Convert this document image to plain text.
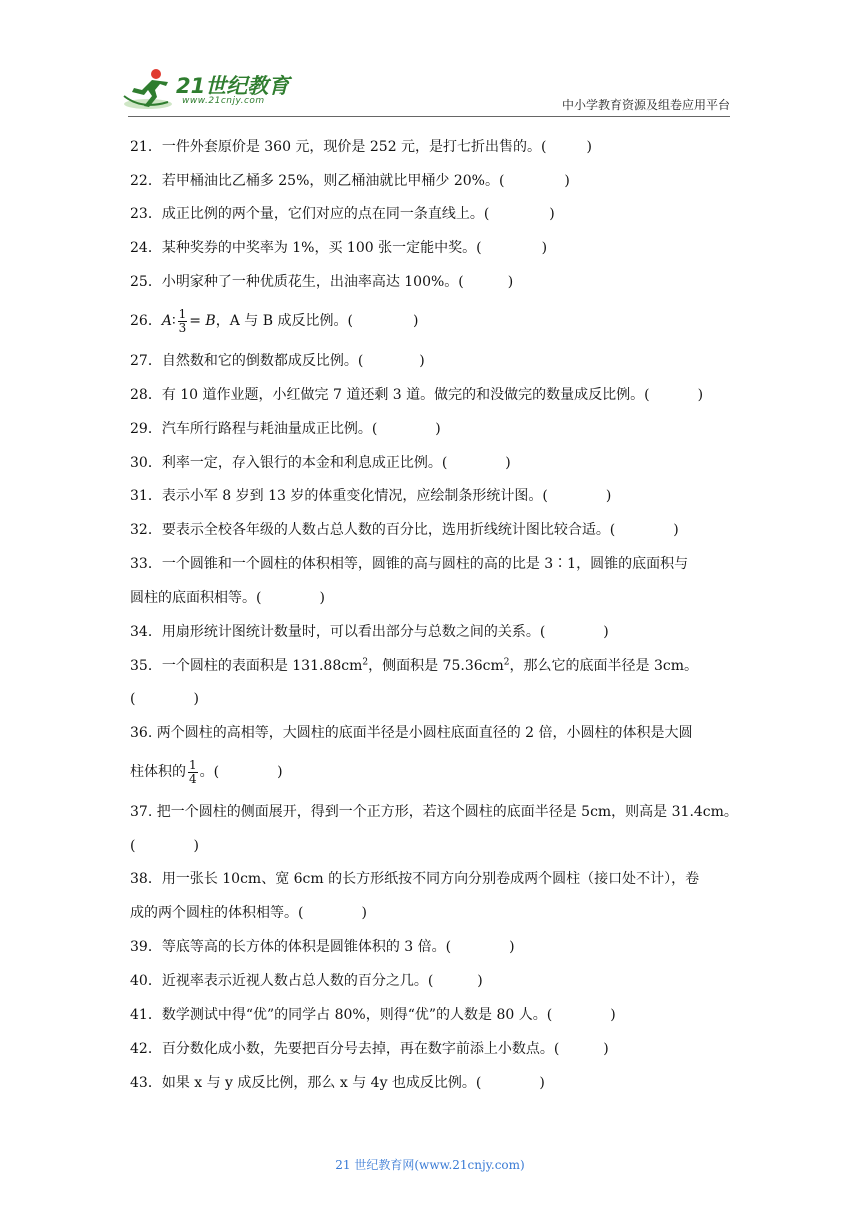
21世纪教育
www.21cnjy.com	中小学教育资源及组卷应用平台
21．一件外套原价是 360 元，现价是 252 元，是打七折出售的。(	)
22．若甲桶油比乙桶多 25%，则乙桶油就比甲桶少 20%。(	)
23．成正比例的两个量，它们对应的点在同一条直线上。(	)
24．某种奖券的中奖率为 1%，买 100 张一定能中奖。(	)
25．小明家种了一种优质花生，出油率高达 100%。(	)
26．A∶ $\frac{1}{3} = B$，A 与 B 成反比例。(	)
27．自然数和它的倒数都成反比例。(	)
28．有 10 道作业题，小红做完 7 道还剩 3 道。做完的和没做完的数量成反比例。(	)
29．汽车所行路程与耗油量成正比例。(	)
30．利率一定，存入银行的本金和利息成正比例。(	)
31．表示小军 8 岁到 13 岁的体重变化情况，应绘制条形统计图。(	)
32．要表示全校各年级的人数占总人数的百分比，选用折线统计图比较合适。(	)
33．一个圆锥和一个圆柱的体积相等，圆锥的高与圆柱的高的比是 3∶1，圆锥的底面积与
圆柱的底面积相等。(	)
34．用扇形统计图统计数量时，可以看出部分与总数之间的关系。(	)
35．一个圆柱的表面积是 $131.88cm^2$，侧面积是 $75.36cm^2$，那么它的底面半径是 3cm。
(	)
36. 两个圆柱的高相等，大圆柱的底面半径是小圆柱底面直径的 2 倍，小圆柱的体积是大圆
柱体积的 $\frac{1}{4}$ 。(	)
37. 把一个圆柱的侧面展开，得到一个正方形，若这个圆柱的底面半径是 5cm，则高是 31.4cm。
(	)
38．用一张长 10cm、宽 6cm 的长方形纸按不同方向分别卷成两个圆柱（接口处不计），卷
成的两个圆柱的体积相等。(	)
39．等底等高的长方体的体积是圆锥体积的 3 倍。(	)
40．近视率表示近视人数占总人数的百分之几。(	)
41．数学测试中得“优”的同学占 80%，则得“优”的人数是 80 人。(	)
42．百分数化成小数，先要把百分号去掉，再在数字前添上小数点。(	)
43．如果 x 与 y 成反比例，那么 x 与 4y 也成反比例。(	)
21 世纪教育网(www.21cnjy.com)
